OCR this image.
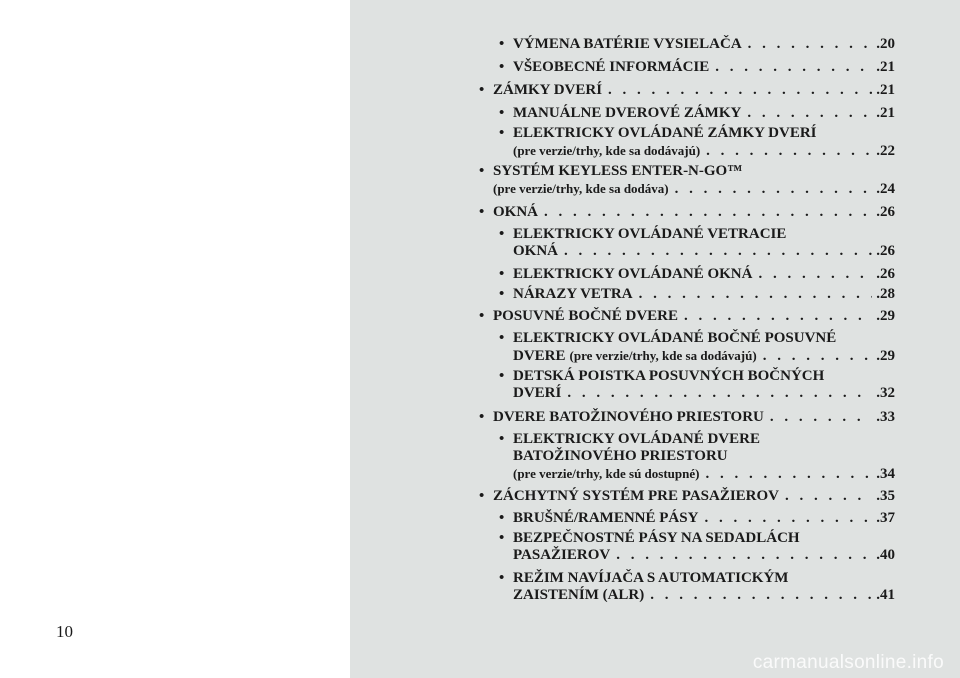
10
• VÝMENA BATÉRIE VYSIELAČA . . .	.20
• VŠEOBECNÉ INFORMÁCIE . . .	.21
• ZÁMKY DVERÍ . . .	.21
• MANUÁLNE DVEROVÉ ZÁMKY . . .	.21
• ELEKTRICKY OVLÁDANÉ ZÁMKY DVERÍ
(pre verzie/trhy, kde sa dodávajú) . . .	.22
• SYSTÉM KEYLESS ENTER-N-GO™
(pre verzie/trhy, kde sa dodáva) . . .	.24
• OKNÁ . . .	.26
• ELEKTRICKY OVLÁDANÉ VETRACIE
OKNÁ . . .	.26
• ELEKTRICKY OVLÁDANÉ OKNÁ . . .	.26
• NÁRAZY VETRA . . .	.28
• POSUVNÉ BOČNÉ DVERE . . .	.29
• ELEKTRICKY OVLÁDANÉ BOČNÉ POSUVNÉ
DVERE (pre verzie/trhy, kde sa dodávajú) . . .	.29
• DETSKÁ POISTKA POSUVNÝCH BOČNÝCH
DVERÍ . . .	.32
• DVERE BATOŽINOVÉHO PRIESTORU . . .	.33
• ELEKTRICKY OVLÁDANÉ DVERE
BATOŽINOVÉHO PRIESTORU
(pre verzie/trhy, kde sú dostupné) . . .	.34
• ZÁCHYTNÝ SYSTÉM PRE PASAŽIEROV . . .	.35
• BRUŠNÉ/RAMENNÉ PÁSY . . .	.37
• BEZPEČNOSTNÉ PÁSY NA SEDADLÁCH
PASAŽIEROV . . .	.40
• REŽIM NAVÍJAČA S AUTOMATICKÝM
ZAISTENÍM (ALR) . . .	.41
carmanualsonline.info
